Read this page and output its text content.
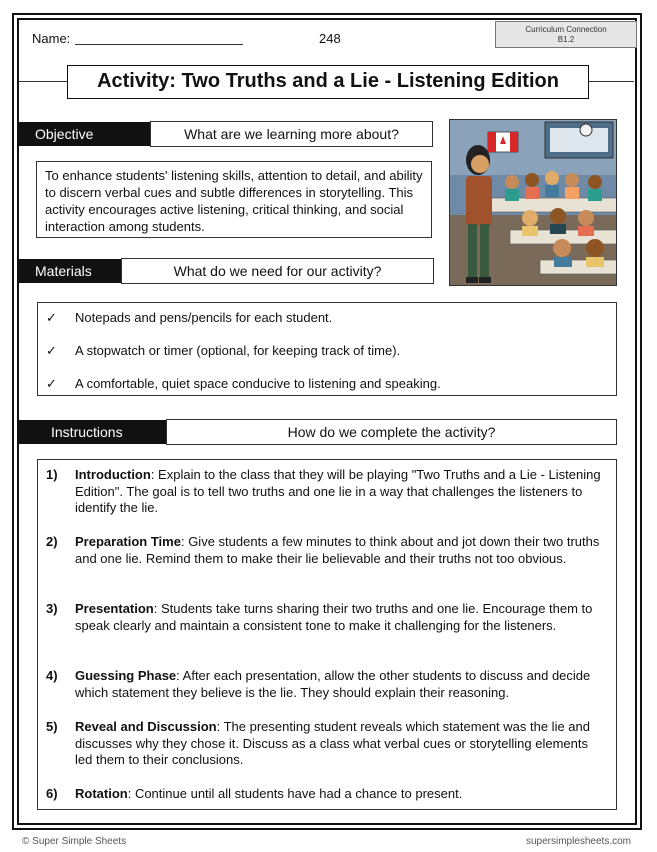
Name:	248
Curriculum Connection
B1.2
Activity: Two Truths and a Lie - Listening Edition
Objective	What are we learning more about?
To enhance students' listening skills, attention to detail, and ability to discern verbal cues and subtle differences in storytelling. This activity encourages active listening, critical thinking, and social interaction among students.
Materials	What do we need for our activity?
✓ Notepads and pens/pencils for each student.
✓ A stopwatch or timer (optional, for keeping track of time).
✓ A comfortable, quiet space conducive to listening and speaking.
Instructions	How do we complete the activity?
1) Introduction: Explain to the class that they will be playing "Two Truths and a Lie - Listening Edition". The goal is to tell two truths and one lie in a way that challenges the listeners to identify the lie.
2) Preparation Time: Give students a few minutes to think about and jot down their two truths and one lie. Remind them to make their lie believable and their truths not too obvious.
3) Presentation: Students take turns sharing their two truths and one lie. Encourage them to speak clearly and maintain a consistent tone to make it challenging for the listeners.
4) Guessing Phase: After each presentation, allow the other students to discuss and decide which statement they believe is the lie. They should explain their reasoning.
5) Reveal and Discussion: The presenting student reveals which statement was the lie and discusses why they chose it. Discuss as a class what verbal cues or storytelling elements led them to their conclusions.
6) Rotation: Continue until all students have had a chance to present.
© Super Simple Sheets	supersimplesheets.com
